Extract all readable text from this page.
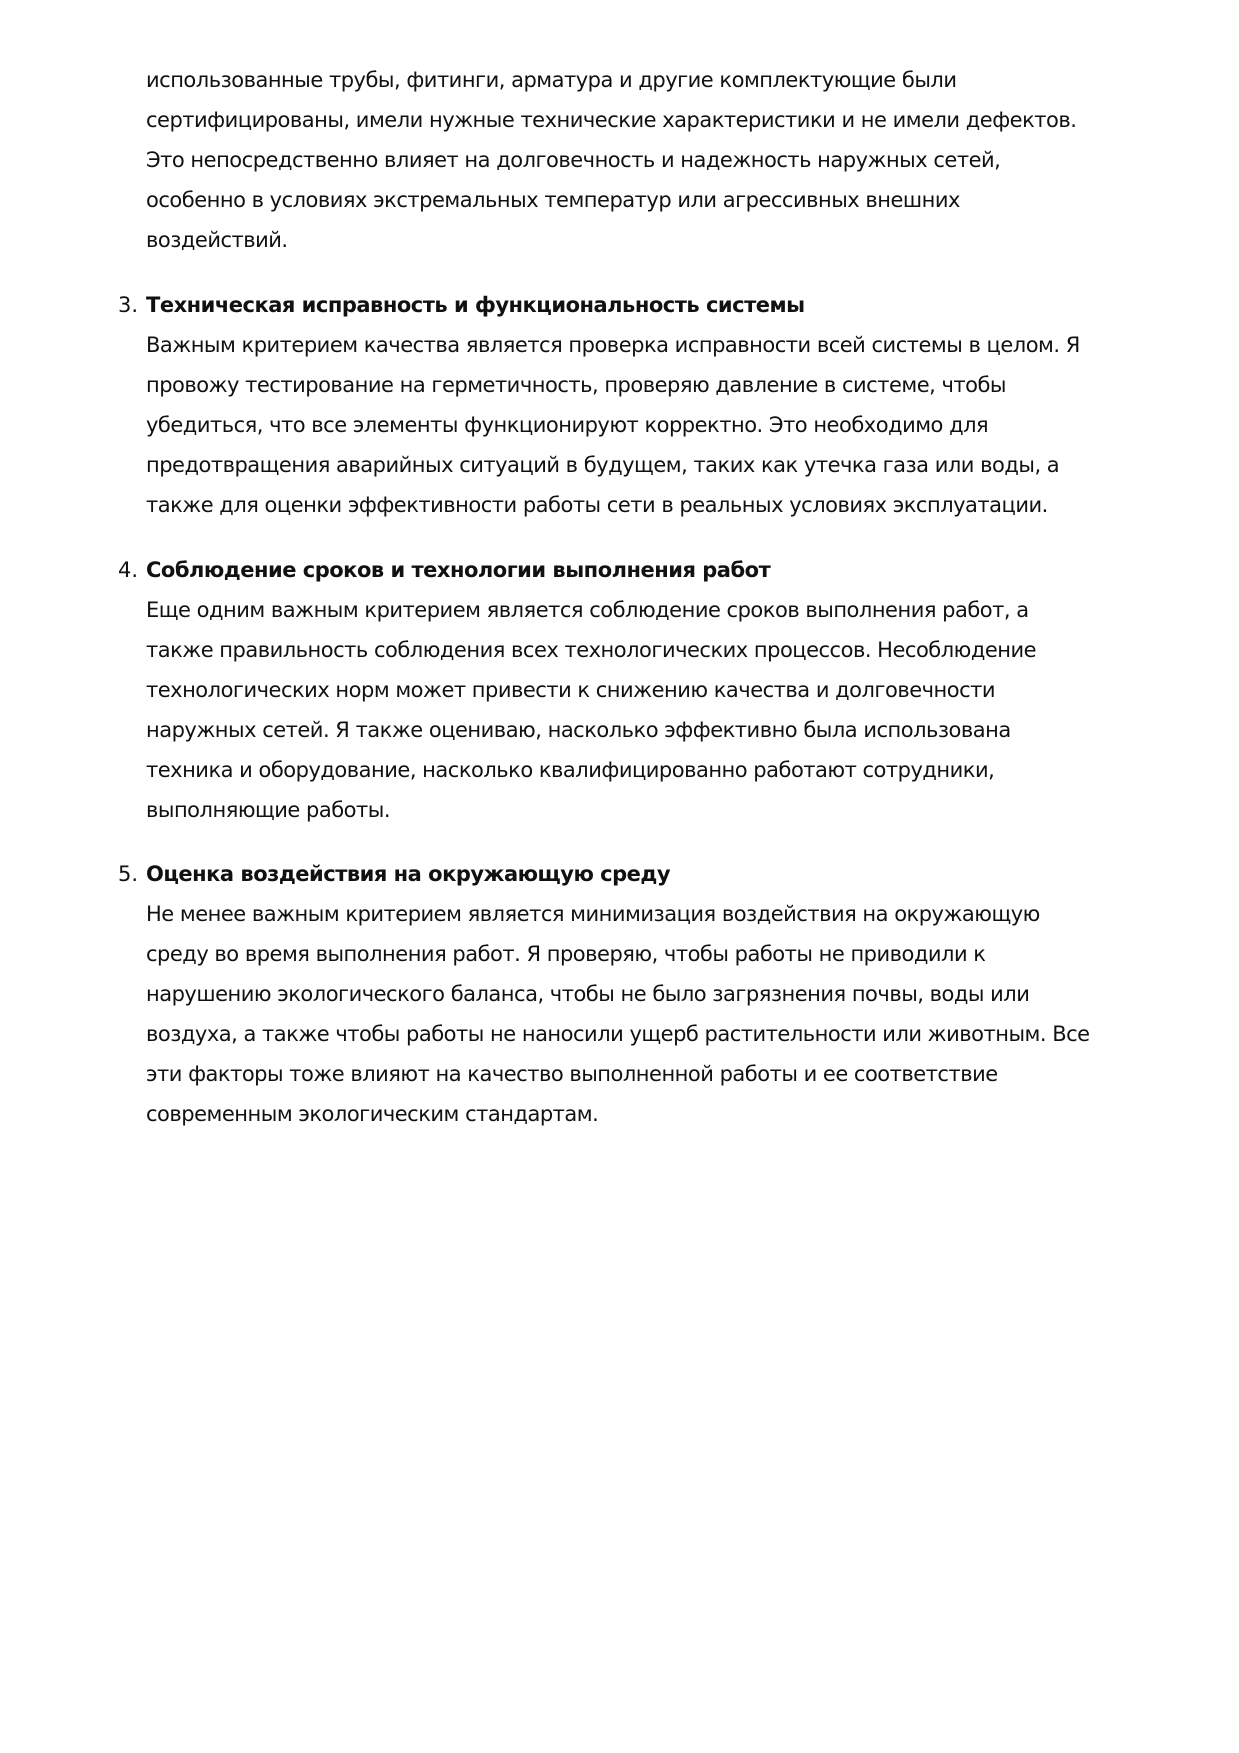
использованные трубы, фитинги, арматура и другие комплектующие были
сертифицированы, имели нужные технические характеристики и не имели дефектов.
Это непосредственно влияет на долговечность и надежность наружных сетей,
особенно в условиях экстремальных температур или агрессивных внешних
воздействий.
3. Техническая исправность и функциональность системы

Важным критерием качества является проверка исправности всей системы в целом. Я
провожу тестирование на герметичность, проверяю давление в системе, чтобы
убедиться, что все элементы функционируют корректно. Это необходимо для
предотвращения аварийных ситуаций в будущем, таких как утечка газа или воды, а
также для оценки эффективности работы сети в реальных условиях эксплуатации.
4. Соблюдение сроков и технологии выполнения работ

Еще одним важным критерием является соблюдение сроков выполнения работ, а
также правильность соблюдения всех технологических процессов. Несоблюдение
технологических норм может привести к снижению качества и долговечности
наружных сетей. Я также оцениваю, насколько эффективно была использована
техника и оборудование, насколько квалифицированно работают сотрудники,
выполняющие работы.
5. Оценка воздействия на окружающую среду

Не менее важным критерием является минимизация воздействия на окружающую
среду во время выполнения работ. Я проверяю, чтобы работы не приводили к
нарушению экологического баланса, чтобы не было загрязнения почвы, воды или
воздуха, а также чтобы работы не наносили ущерб растительности или животным. Все
эти факторы тоже влияют на качество выполненной работы и ее соответствие
современным экологическим стандартам.
